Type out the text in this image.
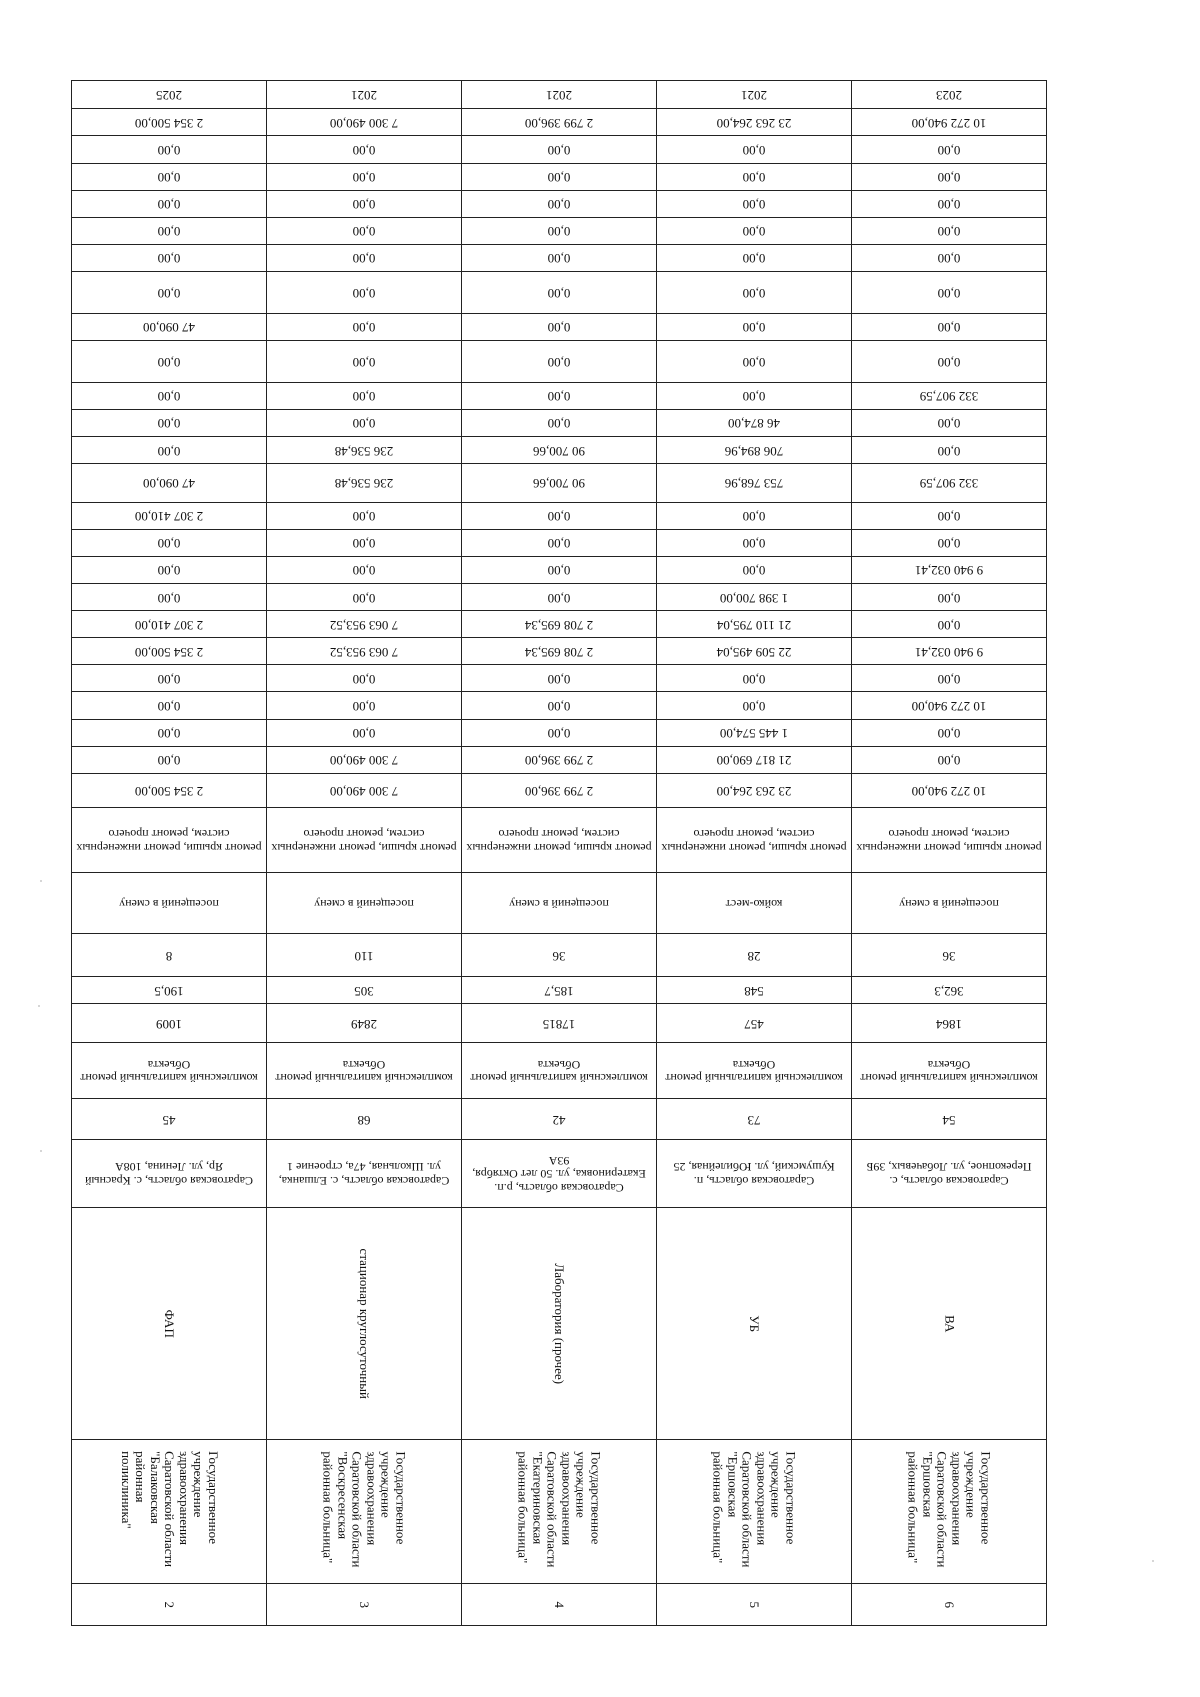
6	5	4	3	2
Государственное учреждение здравоохранения Саратовской области "Ершовская районная больница"	Государственное учреждение здравоохранения Саратовской области "Ершовская районная больница"	Государственное учреждение здравоохранения Саратовской области "Екатериновская районная больница"	Государственное учреждение здравоохранения Саратовской области "Воскресенская районная больница"	Государственное учреждение здравоохранения Саратовской области "Балаковская районная поликлиника"
ВА	УБ	Лаборатория (прочее)	стационар круглосуточный	ФАП
Саратовская область, с. Перекопное, ул. Лобачевых, 39Б	Саратовская область, п. Кушумский, ул. Юбилейная, 25	Саратовская область, р.п. Екатериновка, ул. 50 лет Октября, 93А	Саратовская область, с. Елшанка, ул. Школьная, 47а, строение 1	Саратовская область, с. Красный Яр, ул. Ленина, 108А
54	73	42	68	45
комплексный капитальный ремонт Объекта	комплексный капитальный ремонт Объекта	комплексный капитальный ремонт Объекта	комплексный капитальный ремонт Объекта	комплексный капитальный ремонт Объекта
1864	457	17815	2849	1009
362,3	548	185,7	305	190,5
36	28	36	110	8
посещений в смену	койко-мест	посещений в смену	посещений в смену	посещений в смену
ремонт крыши, ремонт инженерных систем, ремонт прочего	ремонт крыши, ремонт инженерных систем, ремонт прочего	ремонт крыши, ремонт инженерных систем, ремонт прочего	ремонт крыши, ремонт инженерных систем, ремонт прочего	ремонт крыши, ремонт инженерных систем, ремонт прочего
10 272 940,00	23 263 264,00	2 799 396,00	7 300 490,00	2 354 500,00
0,00	21 817 690,00	2 799 396,00	7 300 490,00	0,00
0,00	1 445 574,00	0,00	0,00	0,00
10 272 940,00	0,00	0,00	0,00	0,00
0,00	0,00	0,00	0,00	0,00
9 940 032,41	22 509 495,04	2 708 695,34	7 063 953,52	2 354 500,00
0,00	21 110 795,04	2 708 695,34	7 063 953,52	2 307 410,00
0,00	1 398 700,00	0,00	0,00	0,00
9 940 032,41	0,00	0,00	0,00	0,00
0,00	0,00	0,00	0,00	0,00
0,00	0,00	0,00	0,00	2 307 410,00
332 907,59	753 768,96	90 700,66	236 536,48	47 090,00
0,00	706 894,96	90 700,66	236 536,48	0,00
0,00	46 874,00	0,00	0,00	0,00
332 907,59	0,00	0,00	0,00	0,00
0,00	0,00	0,00	0,00	0,00
0,00	0,00	0,00	0,00	47 090,00
0,00	0,00	0,00	0,00	0,00
0,00	0,00	0,00	0,00	0,00
0,00	0,00	0,00	0,00	0,00
0,00	0,00	0,00	0,00	0,00
0,00	0,00	0,00	0,00	0,00
0,00	0,00	0,00	0,00	0,00
10 272 940,00	23 263 264,00	2 799 396,00	7 300 490,00	2 354 500,00
2023	2021	2021	2021	2025
